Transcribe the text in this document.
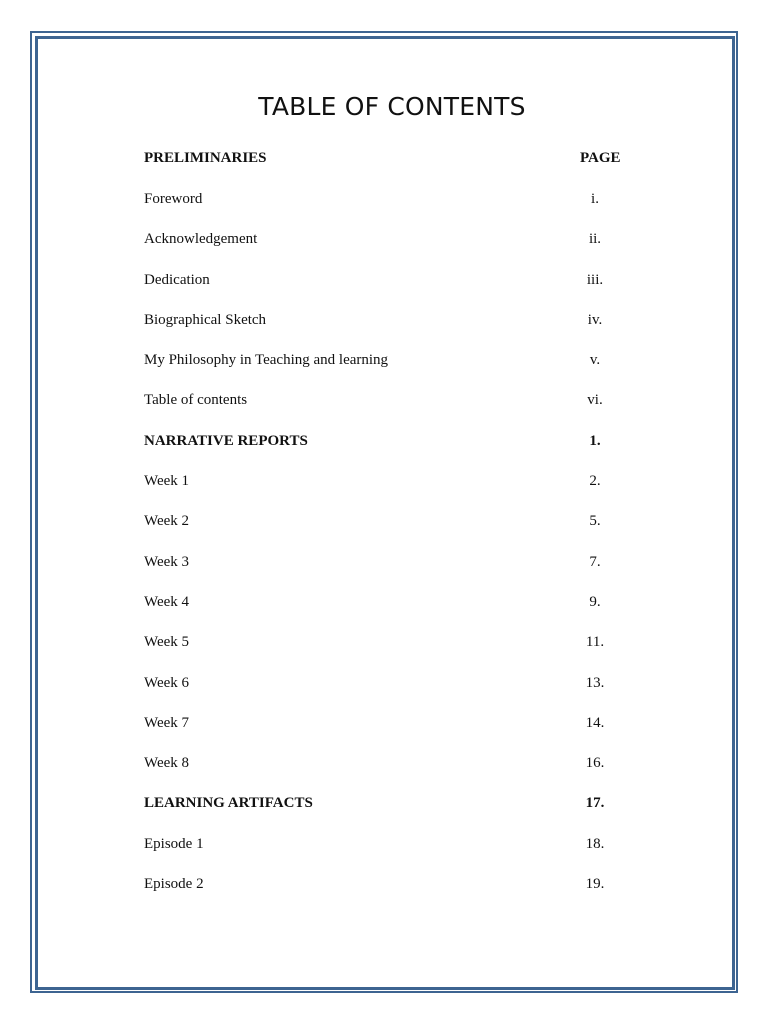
TABLE OF CONTENTS
PRELIMINARIES	PAGE
Foreword	i.
Acknowledgement	ii.
Dedication	iii.
Biographical Sketch	iv.
My Philosophy in Teaching and learning	v.
Table of contents	vi.
NARRATIVE REPORTS	1.
Week 1	2.
Week 2	5.
Week 3	7.
Week 4	9.
Week 5	11.
Week 6	13.
Week 7	14.
Week 8	16.
LEARNING ARTIFACTS	17.
Episode 1	18.
Episode 2	19.
